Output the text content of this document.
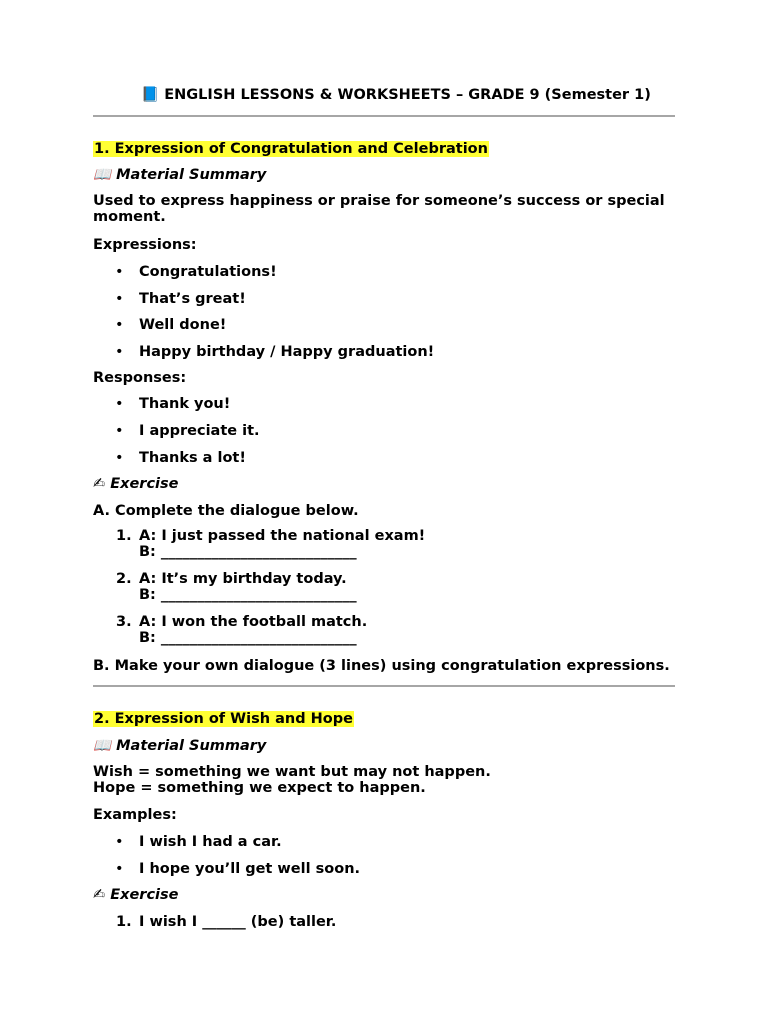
📘 ENGLISH LESSONS & WORKSHEETS – GRADE 9 (Semester 1)

1. Expression of Congratulation and Celebration

📖 Material Summary

Used to express happiness or praise for someone’s success or special moment.

Expressions:

• Congratulations!
• That’s great!
• Well done!
• Happy birthday / Happy graduation!

Responses:

• Thank you!
• I appreciate it.
• Thanks a lot!

✍ Exercise

A. Complete the dialogue below.

1. A: I just passed the national exam!
B: ___________________________
2. A: It’s my birthday today.
B: ___________________________
3. A: I won the football match.
B: ___________________________

B. Make your own dialogue (3 lines) using congratulation expressions.

2. Expression of Wish and Hope

📖 Material Summary

Wish = something we want but may not happen.
Hope = something we expect to happen.

Examples:

• I wish I had a car.
• I hope you’ll get well soon.

✍ Exercise

1. I wish I ______ (be) taller.
